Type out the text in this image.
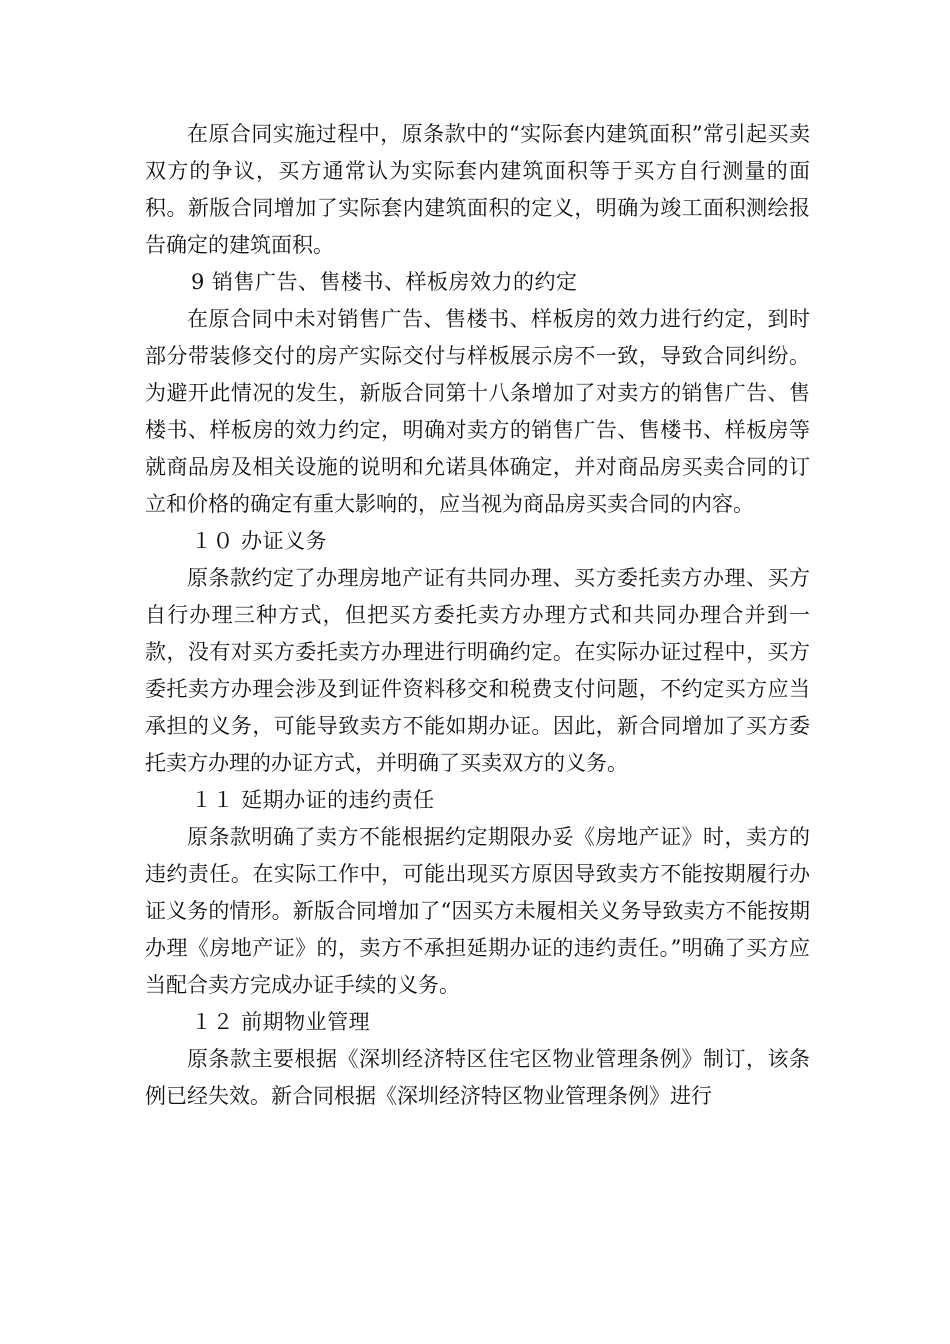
在原合同实施过程中，原条款中的“实际套内建筑面积”常引起买卖双方的争议，买方通常认为实际套内建筑面积等于买方自行测量的面积。新版合同增加了实际套内建筑面积的定义，明确为竣工面积测绘报告确定的建筑面积。

9 销售广告、售楼书、样板房效力的约定

在原合同中未对销售广告、售楼书、样板房的效力进行约定，到时部分带装修交付的房产实际交付与样板展示房不一致，导致合同纠纷。为避开此情况的发生，新版合同第十八条增加了对卖方的销售广告、售楼书、样板房的效力约定，明确对卖方的销售广告、售楼书、样板房等就商品房及相关设施的说明和允诺具体确定，并对商品房买卖合同的订立和价格的确定有重大影响的，应当视为商品房买卖合同的内容。

１０ 办证义务

原条款约定了办理房地产证有共同办理、买方委托卖方办理、买方自行办理三种方式，但把买方委托卖方办理方式和共同办理合并到一款，没有对买方委托卖方办理进行明确约定。在实际办证过程中，买方委托卖方办理会涉及到证件资料移交和税费支付问题，不约定买方应当承担的义务，可能导致卖方不能如期办证。因此，新合同增加了买方委托卖方办理的办证方式，并明确了买卖双方的义务。

１１ 延期办证的违约责任

原条款明确了卖方不能根据约定期限办妥《房地产证》时，卖方的违约责任。在实际工作中，可能出现买方原因导致卖方不能按期履行办证义务的情形。新版合同增加了“因买方未履相关义务导致卖方不能按期办理《房地产证》的，卖方不承担延期办证的违约责任。”明确了买方应当配合卖方完成办证手续的义务。

１２ 前期物业管理

原条款主要根据《深圳经济特区住宅区物业管理条例》制订，该条例已经失效。新合同根据《深圳经济特区物业管理条例》进行
